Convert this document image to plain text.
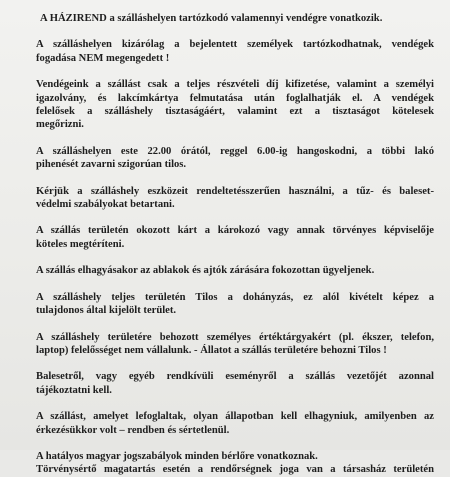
A HÁZIREND a szálláshelyen tartózkodó valamennyi vendégre vonatkozik.

A szálláshelyen kizárólag a bejelentett személyek tartózkodhatnak, vendégek
fogadása NEM megengedett !

Vendégeink a szállást csak a teljes részvételi díj kifizetése, valamint a személyi
igazolvány, és lakcímkártya felmutatása után foglalhatják el. A vendégek
felelősek a szálláshely tisztaságáért, valamint ezt a tisztaságot kötelesek
megőrizni.

A szálláshelyen este 22.00 órától, reggel 6.00-ig hangoskodni, a többi lakó
pihenését zavarni szigorúan tilos.

Kérjük a szálláshely eszközeit rendeltetésszerűen használni, a tűz- és baleset-
védelmi szabályokat betartani.

A szállás területén okozott kárt a károkozó vagy annak törvényes képviselője
köteles megtéríteni.

A szállás elhagyásakor az ablakok és ajtók zárására fokozottan ügyeljenek.

A szálláshely teljes területén Tilos a dohányzás, ez alól kivételt képez a
tulajdonos által kijelölt terület.

A szálláshely területére behozott személyes értéktárgyakért (pl. ékszer, telefon,
laptop) felelősséget nem vállalunk. - Állatot a szállás területére behozni Tilos !

Balesetről, vagy egyéb rendkívüli eseményről a szállás vezetőjét azonnal
tájékoztatni kell.

A szállást, amelyet lefoglaltak, olyan állapotban kell elhagyniuk, amilyenben az
érkezésükkor volt – rendben és sértetlenül.

A hatályos magyar jogszabályok minden bérlőre vonatkoznak.
Törvénysértő magatartás esetén a rendőrségnek joga van a társasház területén
